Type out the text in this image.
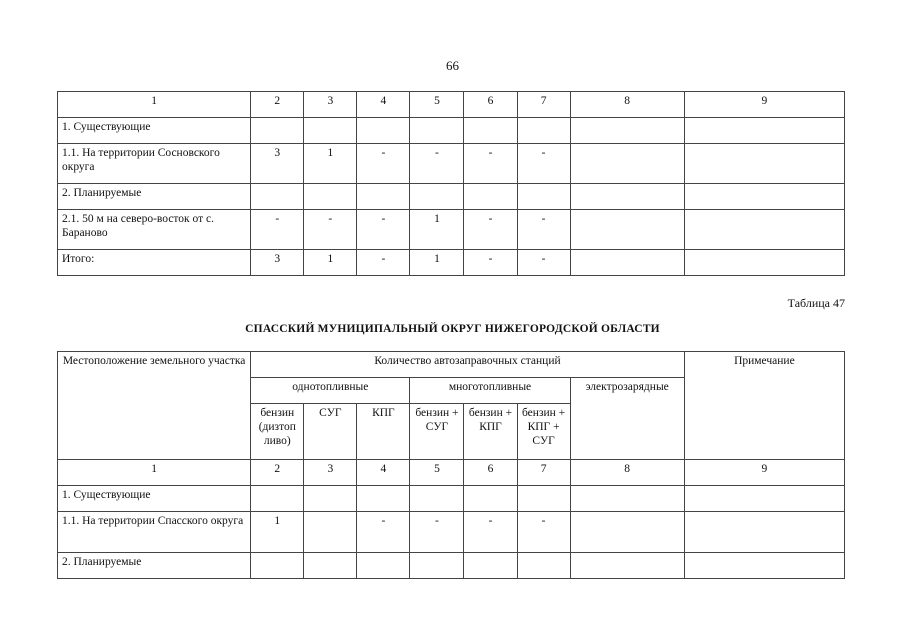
66
1	2	3	4	5	6	7	8	9
1. Существующие								
1.1. На территории Сосновского округа	3	1	-	-	-	-		
2. Планируемые								
2.1. 50 м на северо-восток от с. Бараново	-	-	-	1	-	-		
Итого:	3	1	-	1	-	-		
Таблица 47
СПАССКИЙ МУНИЦИПАЛЬНЫЙ ОКРУГ НИЖЕГОРОДСКОЙ ОБЛАСТИ
Местоположение земельного участка	Количество автозаправочных станций							Примечание
	однотопливные			многотопливные			электрозарядные	
	бензин (дизтоп ливо)	СУГ	КПГ	бензин + СУГ	бензин + КПГ	бензин + КПГ + СУГ		
1	2	3	4	5	6	7	8	9
1. Существующие								
1.1. На территории Спасского округа	1		-	-	-	-		
2. Планируемые								
